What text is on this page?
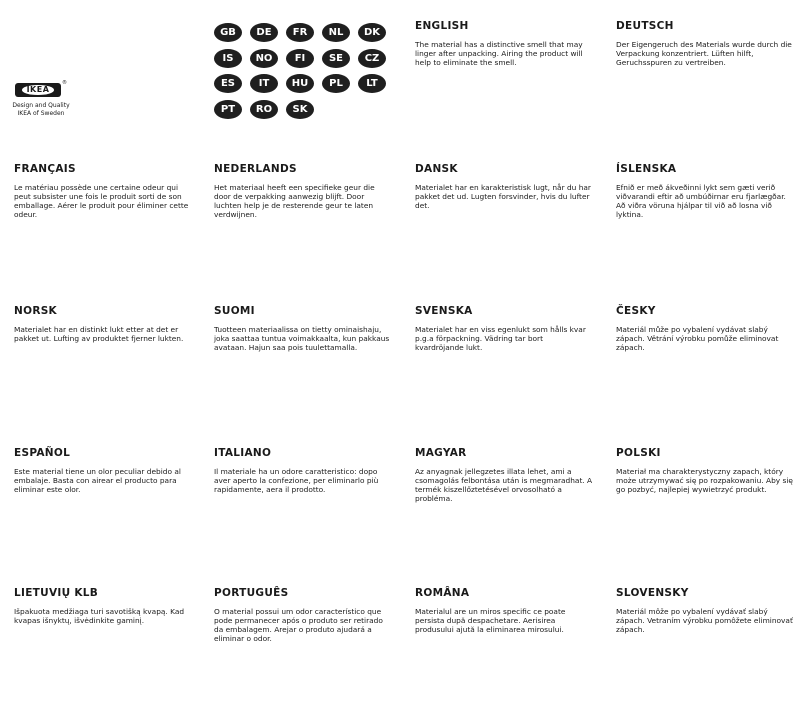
IKEA
®

Design and Quality

IKEA of Sweden

GB	DE	FR	NL	DK
IS	NO	FI	SE	CZ
ES	IT	HU	PL	LT
PT	RO	SK

ENGLISH

The material has a distinctive smell that may linger after unpacking. Airing the product will help to eliminate the smell.

DEUTSCH

Der Eigengeruch des Materials wurde durch die Verpackung konzentriert. Lüften hilft, Geruchsspuren zu vertreiben.

FRANÇAIS

Le matériau possède une certaine odeur qui peut subsister une fois le produit sorti de son emballage. Aérer le produit pour éliminer cette odeur.

NEDERLANDS

Het materiaal heeft een specifieke geur die door de verpakking aanwezig blijft. Door luchten help je de resterende geur te laten verdwijnen.

DANSK

Materialet har en karakteristisk lugt, når du har pakket det ud. Lugten forsvinder, hvis du lufter det.

ÍSLENSKA

Efnið er með ákveðinni lykt sem gæti verið viðvarandi eftir að umbúðirnar eru fjarlægðar. Að viðra vöruna hjálpar til við að losna við lyktina.

NORSK

Materialet har en distinkt lukt etter at det er pakket ut. Lufting av produktet fjerner lukten.

SUOMI

Tuotteen materiaalissa on tietty ominaishaju, joka saattaa tuntua voimakkaalta, kun pakkaus avataan. Hajun saa pois tuulettamalla.

SVENSKA

Materialet har en viss egenlukt som hålls kvar p.g.a förpackning. Vädring tar bort kvardröjande lukt.

ČESKY

Materiál může po vybalení vydávat slabý zápach. Větrání výrobku pomůže eliminovat zápach.

ESPAÑOL

Este material tiene un olor peculiar debido al embalaje. Basta con airear el producto para eliminar este olor.

ITALIANO

Il materiale ha un odore caratteristico: dopo aver aperto la confezione, per eliminarlo più rapidamente, aera il prodotto.

MAGYAR

Az anyagnak jellegzetes illata lehet, ami a csomagolás felbontása után is megmaradhat. A termék kiszellőztetésével orvosolható a probléma.

POLSKI

Materiał ma charakterystyczny zapach, który może utrzymywać się po rozpakowaniu. Aby się go pozbyć, najlepiej wywietrzyć produkt.

LIETUVIŲ KLB

Išpakuota medžiaga turi savotišką kvapą. Kad kvapas išnyktų, išvėdinkite gaminį.

PORTUGUÊS

O material possui um odor característico que pode permanecer após o produto ser retirado da embalagem. Arejar o produto ajudará a eliminar o odor.

ROMÂNA

Materialul are un miros specific ce poate persista după despachetare. Aerisirea produsului ajută la eliminarea mirosului.

SLOVENSKY

Materiál môže po vybalení vydávať slabý zápach. Vetraním výrobku pomôžete eliminovať zápach.
